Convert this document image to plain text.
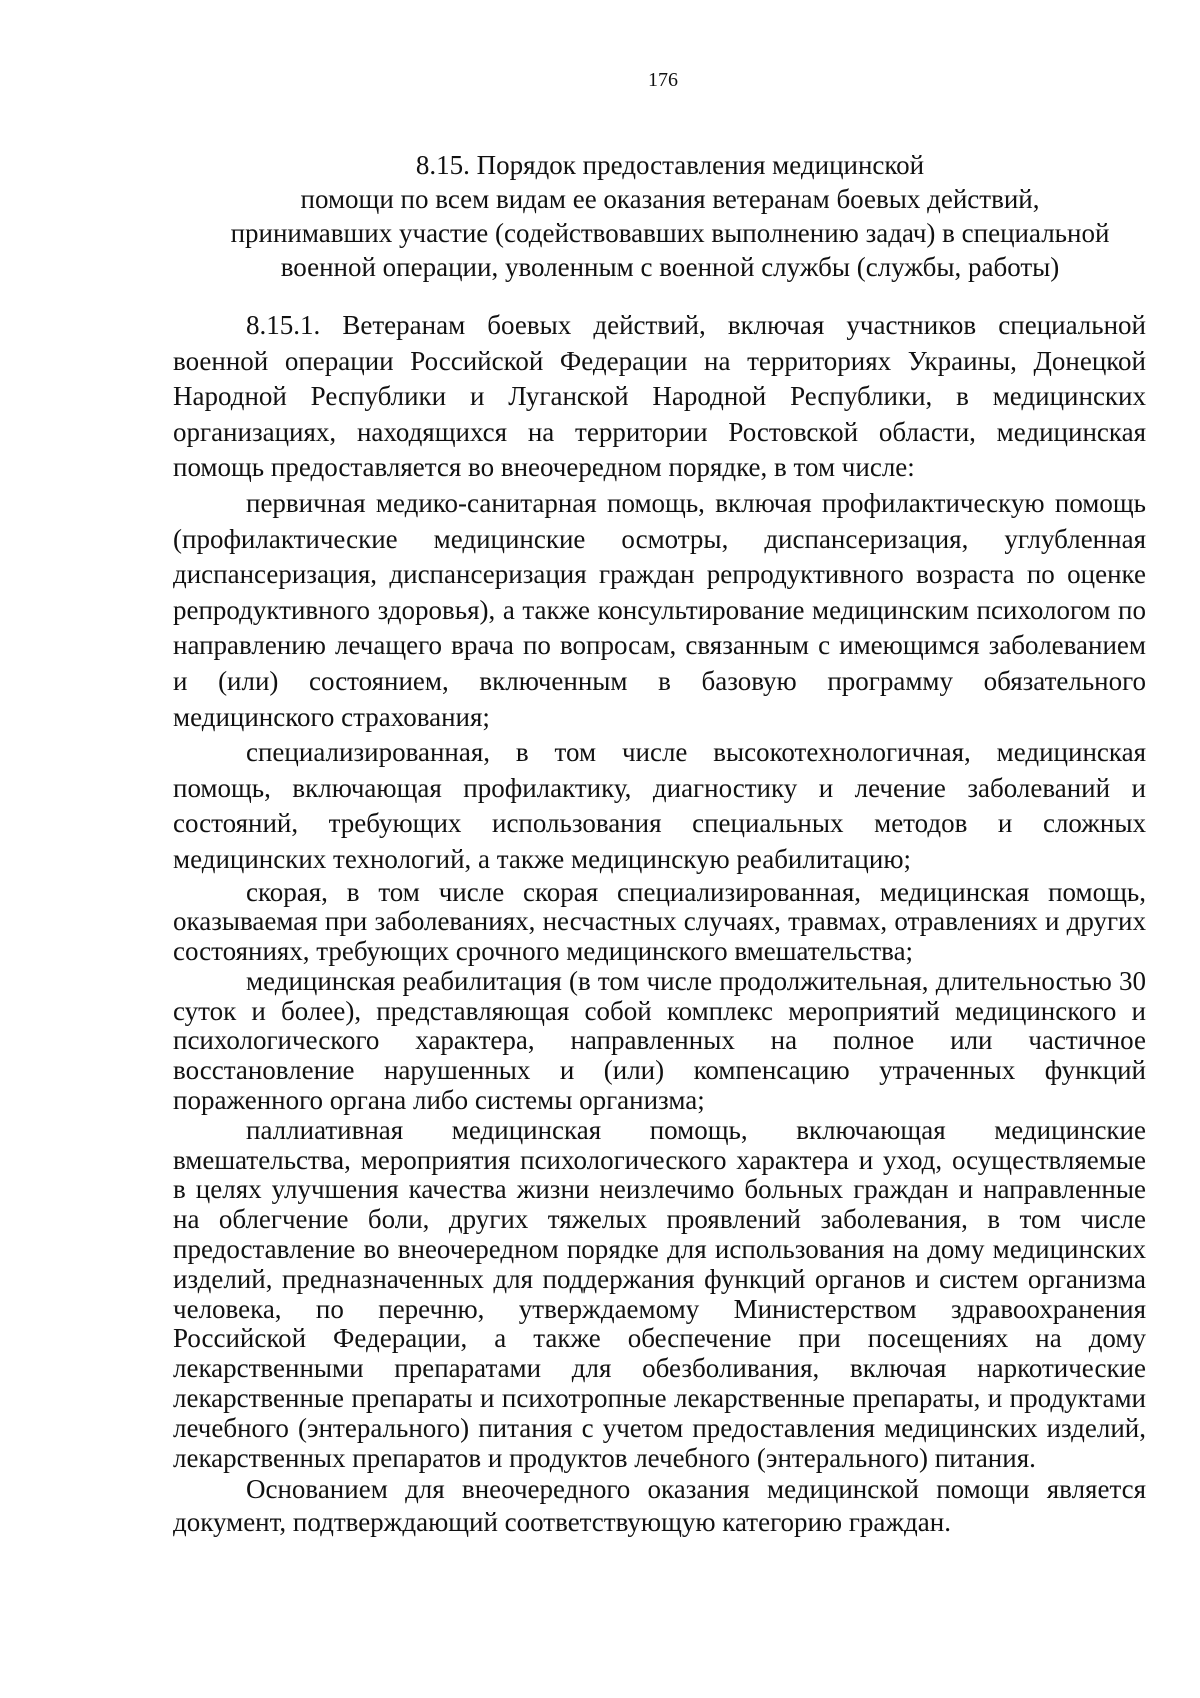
176
8.15. Порядок предоставления медицинской
помощи по всем видам ее оказания ветеранам боевых действий,
принимавших участие (содействовавших выполнению задач) в специальной
военной операции, уволенным с военной службы (службы, работы)

8.15.1. Ветеранам боевых действий, включая участников специальной военной операции Российской Федерации на территориях Украины, Донецкой Народной Республики и Луганской Народной Республики, в медицинских организациях, находящихся на территории Ростовской области, медицинская помощь предоставляется во внеочередном порядке, в том числе:

первичная медико-санитарная помощь, включая профилактическую помощь (профилактические медицинские осмотры, диспансеризация, углубленная диспансеризация, диспансеризация граждан репродуктивного возраста по оценке репродуктивного здоровья), а также консультирование медицинским психологом по направлению лечащего врача по вопросам, связанным с имеющимся заболеванием и (или) состоянием, включенным в базовую программу обязательного медицинского страхования;

специализированная, в том числе высокотехнологичная, медицинская помощь, включающая профилактику, диагностику и лечение заболеваний и состояний, требующих использования специальных методов и сложных медицинских технологий, а также медицинскую реабилитацию;

скорая, в том числе скорая специализированная, медицинская помощь, оказываемая при заболеваниях, несчастных случаях, травмах, отравлениях и других состояниях, требующих срочного медицинского вмешательства;

медицинская реабилитация (в том числе продолжительная, длительностью 30 суток и более), представляющая собой комплекс мероприятий медицинского и психологического характера, направленных на полное или частичное восстановление нарушенных и (или) компенсацию утраченных функций пораженного органа либо системы организма;

паллиативная медицинская помощь, включающая медицинские вмешательства, мероприятия психологического характера и уход, осуществляемые в целях улучшения качества жизни неизлечимо больных граждан и направленные на облегчение боли, других тяжелых проявлений заболевания, в том числе предоставление во внеочередном порядке для использования на дому медицинских изделий, предназначенных для поддержания функций органов и систем организма человека, по перечню, утверждаемому Министерством здравоохранения Российской Федерации, а также обеспечение при посещениях на дому лекарственными препаратами для обезболивания, включая наркотические лекарственные препараты и психотропные лекарственные препараты, и продуктами лечебного (энтерального) питания с учетом предоставления медицинских изделий, лекарственных препаратов и продуктов лечебного (энтерального) питания.

Основанием для внеочередного оказания медицинской помощи является документ, подтверждающий соответствующую категорию граждан.
